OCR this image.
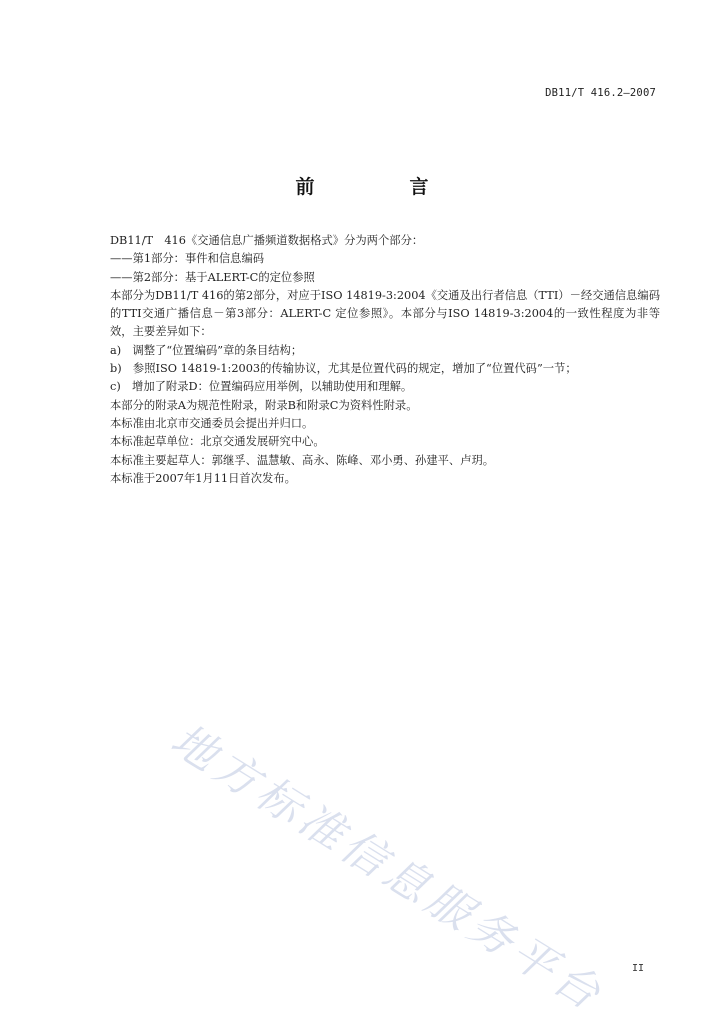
DB11/T 416.2—2007
前　言

DB11/T　416《交通信息广播频道数据格式》分为两个部分：

——第1部分：事件和信息编码

——第2部分：基于ALERT-C的定位参照

本部分为DB11/T 416的第2部分，对应于ISO 14819-3:2004《交通及出行者信息（TTI）－经交通信息编码的TTI交通广播信息－第3部分：ALERT-C 定位参照》。本部分与ISO 14819-3:2004的一致性程度为非等效，主要差异如下：

a)　调整了“位置编码”章的条目结构；

b)　参照ISO 14819-1:2003的传输协议，尤其是位置代码的规定，增加了“位置代码”一节；

c)　增加了附录D：位置编码应用举例，以辅助使用和理解。

本部分的附录A为规范性附录，附录B和附录C为资料性附录。

本标准由北京市交通委员会提出并归口。

本标准起草单位：北京交通发展研究中心。

本标准主要起草人：郭继孚、温慧敏、高永、陈峰、邓小勇、孙建平、卢玥。

本标准于2007年1月11日首次发布。

地方标准信息服务平台	II
